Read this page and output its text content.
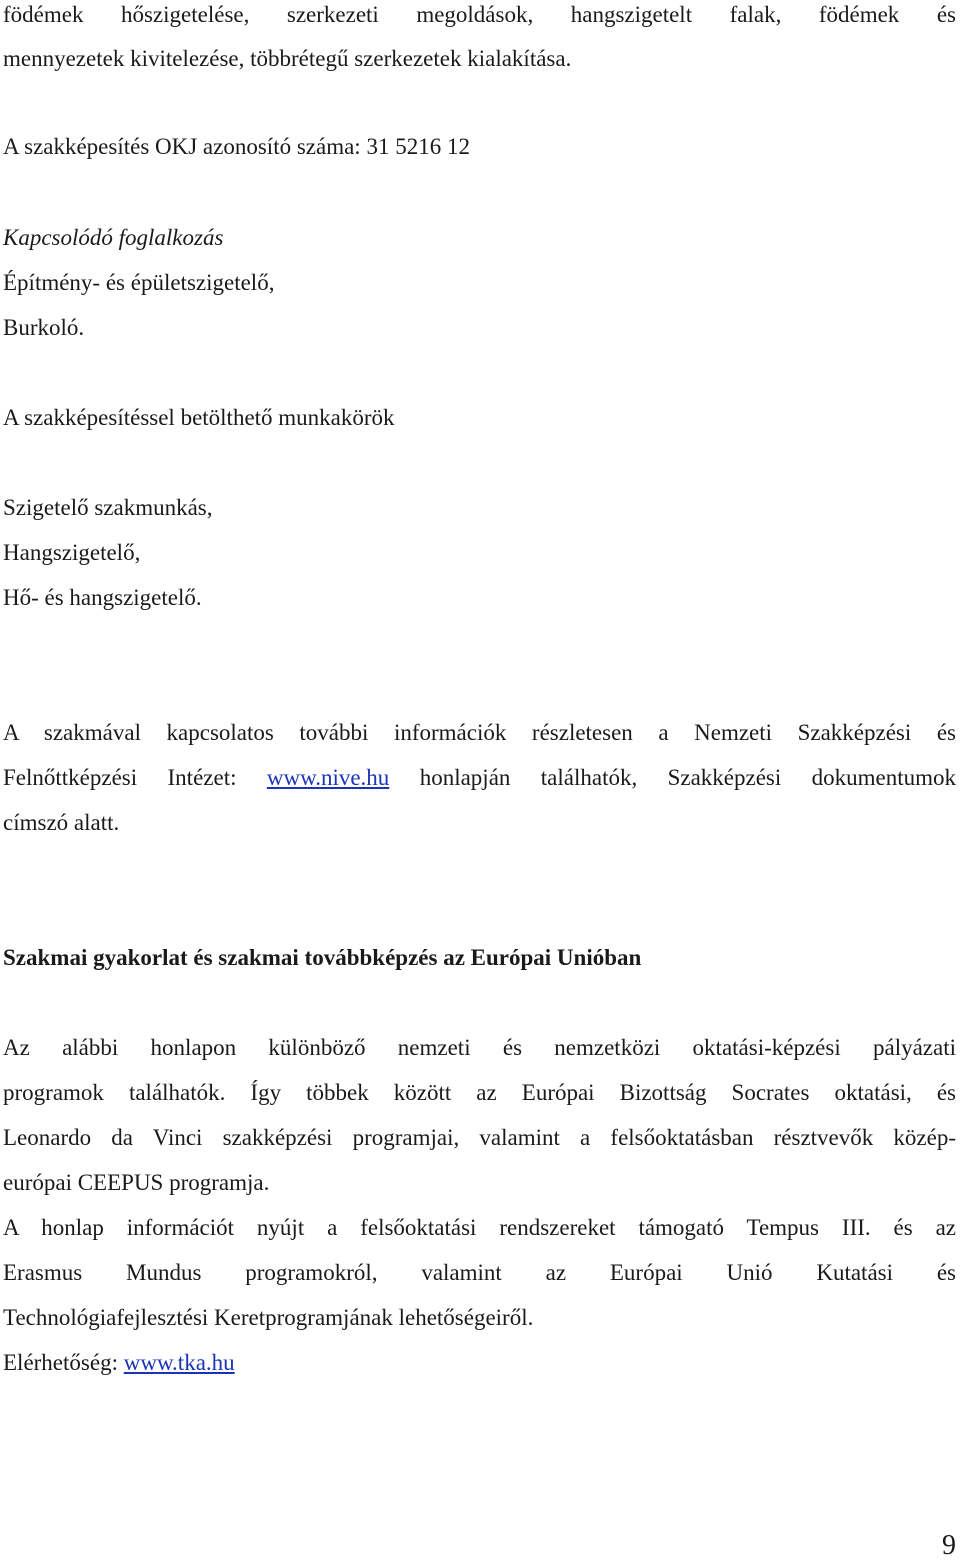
födémek hőszigetelése, szerkezeti megoldások, hangszigetelt falak, födémek és
mennyezetek kivitelezése, többrétegű szerkezetek kialakítása.
A szakképesítés OKJ azonosító száma: 31 5216 12
Kapcsolódó foglalkozás
Építmény- és épületszigetelő,
Burkoló.
A szakképesítéssel betölthető munkakörök
Szigetelő szakmunkás,
Hangszigetelő,
Hő- és hangszigetelő.
A szakmával kapcsolatos további információk részletesen a Nemzeti Szakképzési és
Felnőttképzési Intézet: www.nive.hu honlapján találhatók, Szakképzési dokumentumok
címszó alatt.
Szakmai gyakorlat és szakmai továbbképzés az Európai Unióban
Az alábbi honlapon különböző nemzeti és nemzetközi oktatási-képzési pályázati
programok találhatók. Így többek között az Európai Bizottság Socrates oktatási, és
Leonardo da Vinci szakképzési programjai, valamint a felsőoktatásban résztvevők közép-
európai CEEPUS programja.
A honlap információt nyújt a felsőoktatási rendszereket támogató Tempus III. és az
Erasmus Mundus programokról, valamint az Európai Unió Kutatási és
Technológiafejlesztési Keretprogramjának lehetőségeiről.
Elérhetőség: www.tka.hu
9
